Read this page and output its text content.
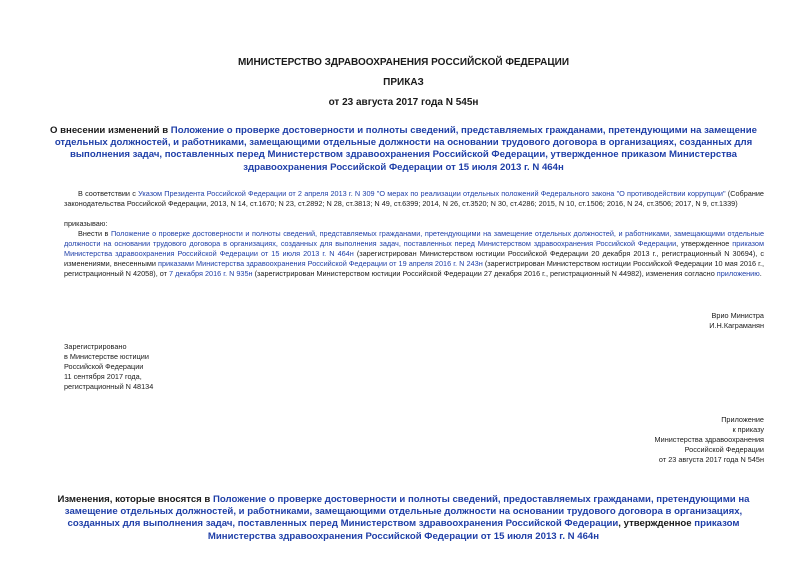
МИНИСТЕРСТВО ЗДРАВООХРАНЕНИЯ РОССИЙСКОЙ ФЕДЕРАЦИИ
ПРИКАЗ
от 23 августа 2017 года N 545н
О внесении изменений в Положение о проверке достоверности и полноты сведений, представляемых гражданами, претендующими на замещение отдельных должностей, и работниками, замещающими отдельные должности на основании трудового договора в организациях, созданных для выполнения задач, поставленных перед Министерством здравоохранения Российской Федерации, утвержденное приказом Министерства здравоохранения Российской Федерации от 15 июля 2013 г. N 464н
В соответствии с Указом Президента Российской Федерации от 2 апреля 2013 г. N 309 "О мерах по реализации отдельных положений Федерального закона "О противодействии коррупции" (Собрание законодательства Российской Федерации, 2013, N 14, ст.1670; N 23, ст.2892; N 28, ст.3813; N 49, ст.6399; 2014, N 26, ст.3520; N 30, ст.4286; 2015, N 10, ст.1506; 2016, N 24, ст.3506; 2017, N 9, ст.1339)
приказываю:
Внести в Положение о проверке достоверности и полноты сведений, представляемых гражданами, претендующими на замещение отдельных должностей, и работниками, замещающими отдельные должности на основании трудового договора в организациях, созданных для выполнения задач, поставленных перед Министерством здравоохранения Российской Федерации, утвержденное приказом Министерства здравоохранения Российской Федерации от 15 июля 2013 г. N 464н (зарегистрирован Министерством юстиции Российской Федерации 20 декабря 2013 г., регистрационный N 30694), с изменениями, внесенными приказами Министерства здравоохранения Российской Федерации от 19 апреля 2016 г. N 243н (зарегистрирован Министерством юстиции Российской Федерации 10 мая 2016 г., регистрационный N 42058), от 7 декабря 2016 г. N 935н (зарегистрирован Министерством юстиции Российской Федерации 27 декабря 2016 г., регистрационный N 44982), изменения согласно приложению.
Врио Министра
И.Н.Каграманян
Зарегистрировано
в Министерстве юстиции
Российской Федерации
11 сентября 2017 года,
регистрационный N 48134
Приложение
к приказу
Министерства здравоохранения
Российской Федерации
от 23 августа 2017 года N 545н
Изменения, которые вносятся в Положение о проверке достоверности и полноты сведений, предоставляемых гражданами, претендующими на замещение отдельных должностей, и работниками, замещающими отдельные должности на основании трудового договора в организациях, созданных для выполнения задач, поставленных перед Министерством здравоохранения Российской Федерации, утвержденное приказом Министерства здравоохранения Российской Федерации от 15 июля 2013 г. N 464н
